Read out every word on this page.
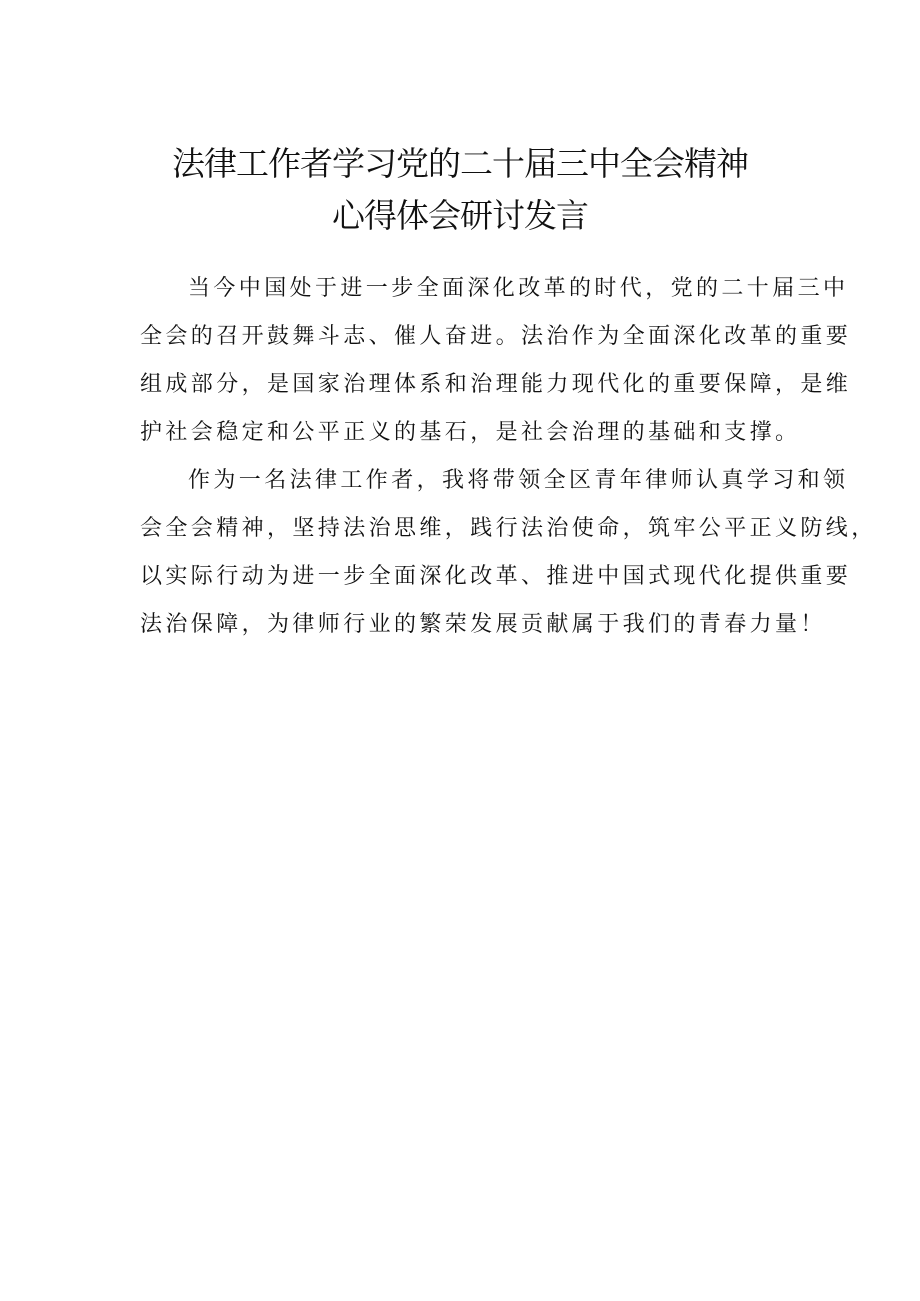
法律工作者学习党的二十届三中全会精神
心得体会研讨发言
当今中国处于进一步全面深化改革的时代，党的二十届三中
全会的召开鼓舞斗志、催人奋进。法治作为全面深化改革的重要
组成部分，是国家治理体系和治理能力现代化的重要保障，是维
护社会稳定和公平正义的基石，是社会治理的基础和支撑。
作为一名法律工作者，我将带领全区青年律师认真学习和领
会全会精神，坚持法治思维，践行法治使命，筑牢公平正义防线，
以实际行动为进一步全面深化改革、推进中国式现代化提供重要
法治保障，为律师行业的繁荣发展贡献属于我们的青春力量！
